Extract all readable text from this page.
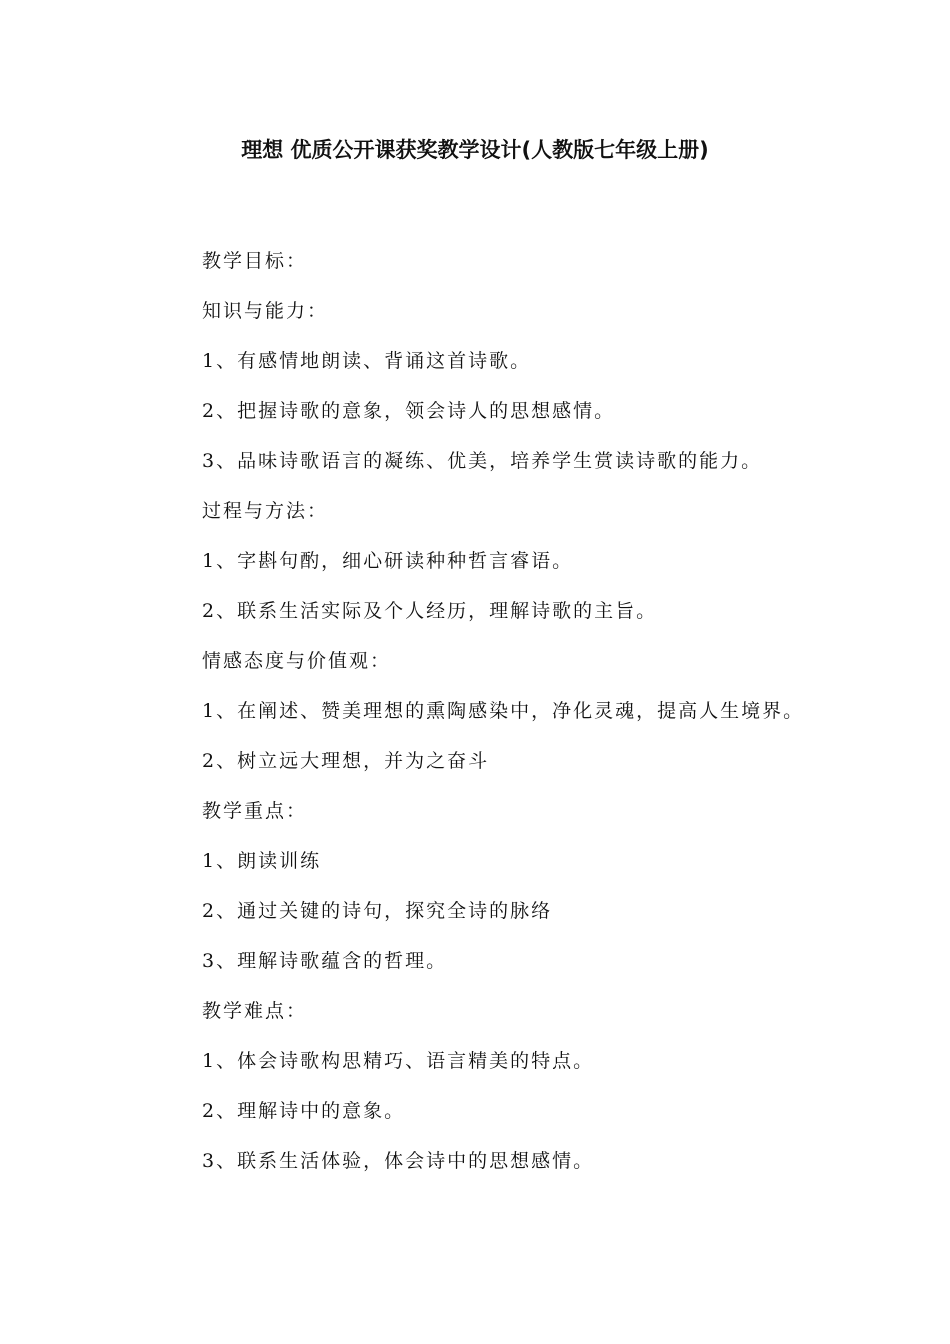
理想 优质公开课获奖教学设计(人教版七年级上册)

教学目标：

知识与能力：

1、有感情地朗读、背诵这首诗歌。

2、把握诗歌的意象，领会诗人的思想感情。

3、品味诗歌语言的凝练、优美，培养学生赏读诗歌的能力。

过程与方法：

1、字斟句酌，细心研读种种哲言睿语。

2、联系生活实际及个人经历，理解诗歌的主旨。

情感态度与价值观：

1、在阐述、赞美理想的熏陶感染中，净化灵魂，提高人生境界。

2、树立远大理想，并为之奋斗

教学重点：

1、朗读训练

2、通过关键的诗句，探究全诗的脉络

3、理解诗歌蕴含的哲理。

教学难点：

1、体会诗歌构思精巧、语言精美的特点。

2、理解诗中的意象。

3、联系生活体验，体会诗中的思想感情。
